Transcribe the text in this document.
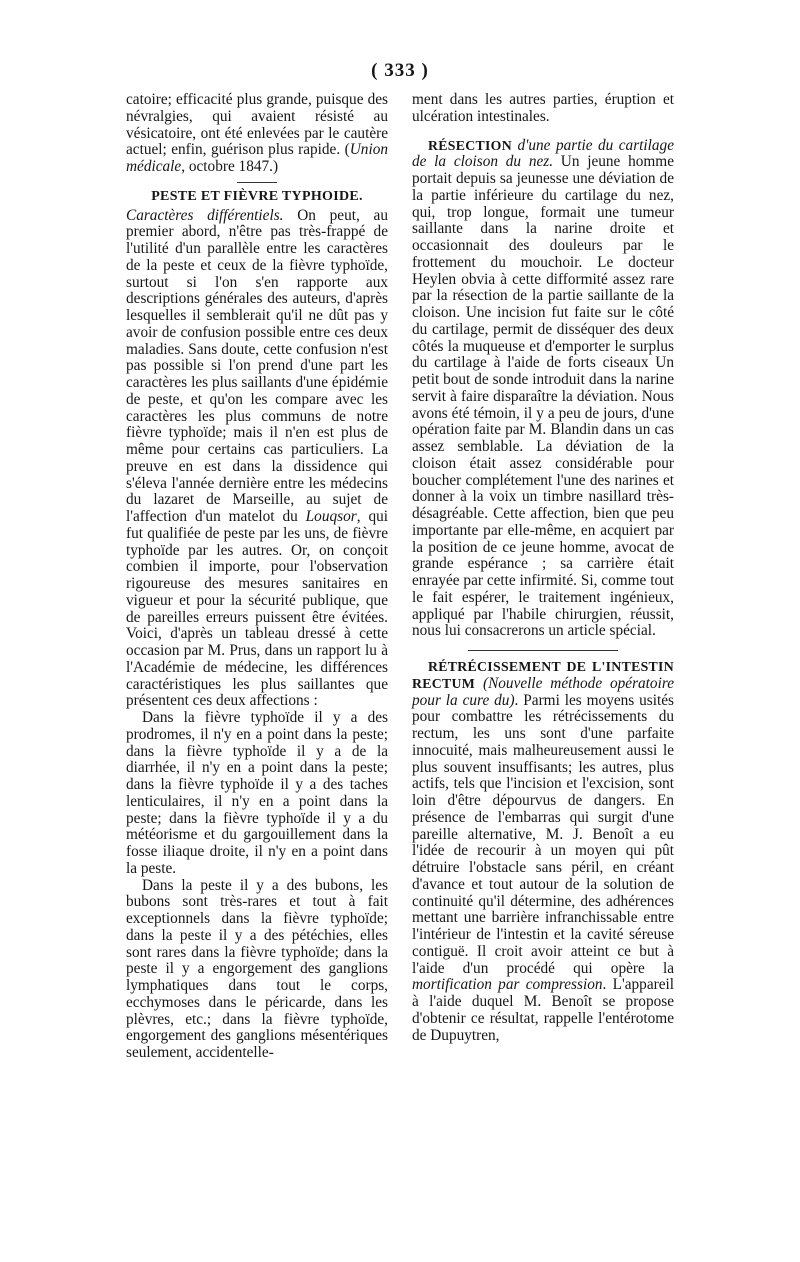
( 333 )

catoire; efficacité plus grande, puisque des névralgies, qui avaient résisté au vésicatoire, ont été enlevées par le cautère actuel; enfin, guérison plus rapide. (Union médicale, octobre 1847.)

PESTE ET FIÈVRE TYPHOIDE.

Caractères différentiels. On peut, au premier abord, n'être pas très-frappé de l'utilité d'un parallèle entre les caractères de la peste et ceux de la fièvre typhoïde, surtout si l'on s'en rapporte aux descriptions générales des auteurs, d'après lesquelles il semblerait qu'il ne dût pas y avoir de confusion possible entre ces deux maladies. Sans doute, cette confusion n'est pas possible si l'on prend d'une part les caractères les plus saillants d'une épidémie de peste, et qu'on les compare avec les caractères les plus communs de notre fièvre typhoïde; mais il n'en est plus de même pour certains cas particuliers. La preuve en est dans la dissidence qui s'éleva l'année dernière entre les médecins du lazaret de Marseille, au sujet de l'affection d'un matelot du Louqsor, qui fut qualifiée de peste par les uns, de fièvre typhoïde par les autres. Or, on conçoit combien il importe, pour l'observation rigoureuse des mesures sanitaires en vigueur et pour la sécurité publique, que de pareilles erreurs puissent être évitées. Voici, d'après un tableau dressé à cette occasion par M. Prus, dans un rapport lu à l'Académie de médecine, les différences caractéristiques les plus saillantes que présentent ces deux affections :

Dans la fièvre typhoïde il y a des prodromes, il n'y en a point dans la peste; dans la fièvre typhoïde il y a de la diarrhée, il n'y en a point dans la peste; dans la fièvre typhoïde il y a des taches lenticulaires, il n'y en a point dans la peste; dans la fièvre typhoïde il y a du météorisme et du gargouillement dans la fosse iliaque droite, il n'y en a point dans la peste.

Dans la peste il y a des bubons, les bubons sont très-rares et tout à fait exceptionnels dans la fièvre typhoïde; dans la peste il y a des pétéchies, elles sont rares dans la fièvre typhoïde; dans la peste il y a engorgement des ganglions lymphatiques dans tout le corps, ecchymoses dans le péricarde, dans les plèvres, etc.; dans la fièvre typhoïde, engorgement des ganglions mésentériques seulement, accidentelle-

ment dans les autres parties, éruption et ulcération intestinales.

RÉSECTION d'une partie du cartilage de la cloison du nez. Un jeune homme portait depuis sa jeunesse une déviation de la partie inférieure du cartilage du nez, qui, trop longue, formait une tumeur saillante dans la narine droite et occasionnait des douleurs par le frottement du mouchoir. Le docteur Heylen obvia à cette difformité assez rare par la résection de la partie saillante de la cloison. Une incision fut faite sur le côté du cartilage, permit de disséquer des deux côtés la muqueuse et d'emporter le surplus du cartilage à l'aide de forts ciseaux Un petit bout de sonde introduit dans la narine servit à faire disparaître la déviation. Nous avons été témoin, il y a peu de jours, d'une opération faite par M. Blandin dans un cas assez semblable. La déviation de la cloison était assez considérable pour boucher complétement l'une des narines et donner à la voix un timbre nasillard très-désagréable. Cette affection, bien que peu importante par elle-même, en acquiert par la position de ce jeune homme, avocat de grande espérance ; sa carrière était enrayée par cette infirmité. Si, comme tout le fait espérer, le traitement ingénieux, appliqué par l'habile chirurgien, réussit, nous lui consacrerons un article spécial.

RÉTRÉCISSEMENT DE L'INTESTIN RECTUM (Nouvelle méthode opératoire pour la cure du). Parmi les moyens usités pour combattre les rétrécissements du rectum, les uns sont d'une parfaite innocuité, mais malheureusement aussi le plus souvent insuffisants; les autres, plus actifs, tels que l'incision et l'excision, sont loin d'être dépourvus de dangers. En présence de l'embarras qui surgit d'une pareille alternative, M. J. Benoît a eu l'idée de recourir à un moyen qui pût détruire l'obstacle sans péril, en créant d'avance et tout autour de la solution de continuité qu'il détermine, des adhérences mettant une barrière infranchissable entre l'intérieur de l'intestin et la cavité séreuse contiguë. Il croit avoir atteint ce but à l'aide d'un procédé qui opère la mortification par compression. L'appareil à l'aide duquel M. Benoît se propose d'obtenir ce résultat, rappelle l'entérotome de Dupuytren,
